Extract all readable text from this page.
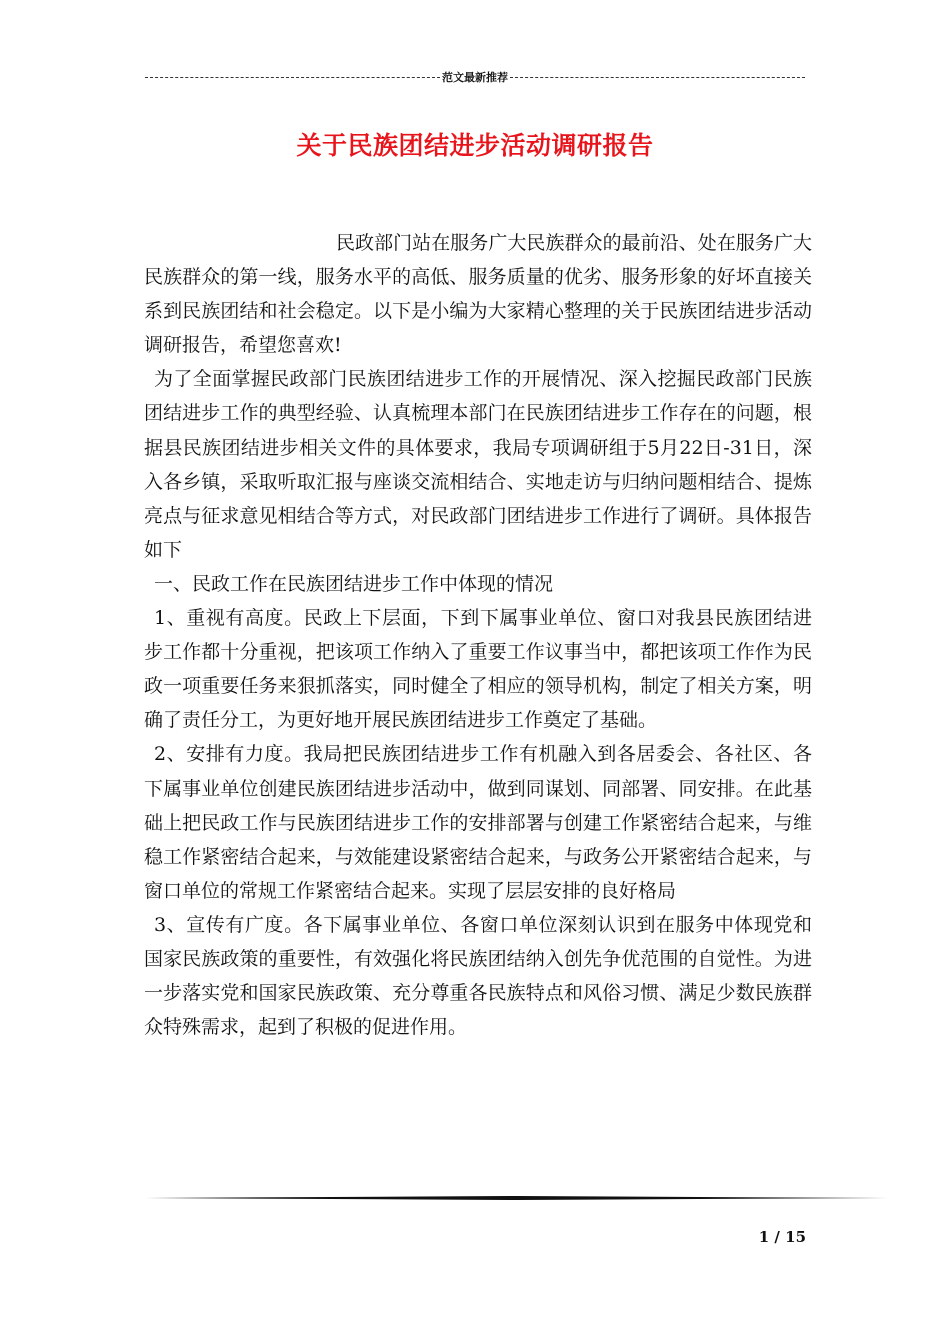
范文最新推荐
关于民族团结进步活动调研报告

民政部门站在服务广大民族群众的最前沿、处在服务广大民族群众的第一线，服务水平的高低、服务质量的优劣、服务形象的好坏直接关系到民族团结和社会稳定。以下是小编为大家精心整理的关于民族团结进步活动调研报告，希望您喜欢!

为了全面掌握民政部门民族团结进步工作的开展情况、深入挖掘民政部门民族团结进步工作的典型经验、认真梳理本部门在民族团结进步工作存在的问题，根据县民族团结进步相关文件的具体要求，我局专项调研组于5月22日-31日，深入各乡镇，采取听取汇报与座谈交流相结合、实地走访与归纳问题相结合、提炼亮点与征求意见相结合等方式，对民政部门团结进步工作进行了调研。具体报告如下

一、民政工作在民族团结进步工作中体现的情况

1、重视有高度。民政上下层面，下到下属事业单位、窗口对我县民族团结进步工作都十分重视，把该项工作纳入了重要工作议事当中，都把该项工作作为民政一项重要任务来狠抓落实，同时健全了相应的领导机构，制定了相关方案，明确了责任分工，为更好地开展民族团结进步工作奠定了基础。

2、安排有力度。我局把民族团结进步工作有机融入到各居委会、各社区、各下属事业单位创建民族团结进步活动中，做到同谋划、同部署、同安排。在此基础上把民政工作与民族团结进步工作的安排部署与创建工作紧密结合起来，与维稳工作紧密结合起来，与效能建设紧密结合起来，与政务公开紧密结合起来，与窗口单位的常规工作紧密结合起来。实现了层层安排的良好格局

3、宣传有广度。各下属事业单位、各窗口单位深刻认识到在服务中体现党和国家民族政策的重要性，有效强化将民族团结纳入创先争优范围的自觉性。为进一步落实党和国家民族政策、充分尊重各民族特点和风俗习惯、满足少数民族群众特殊需求，起到了积极的促进作用。

1 / 15
